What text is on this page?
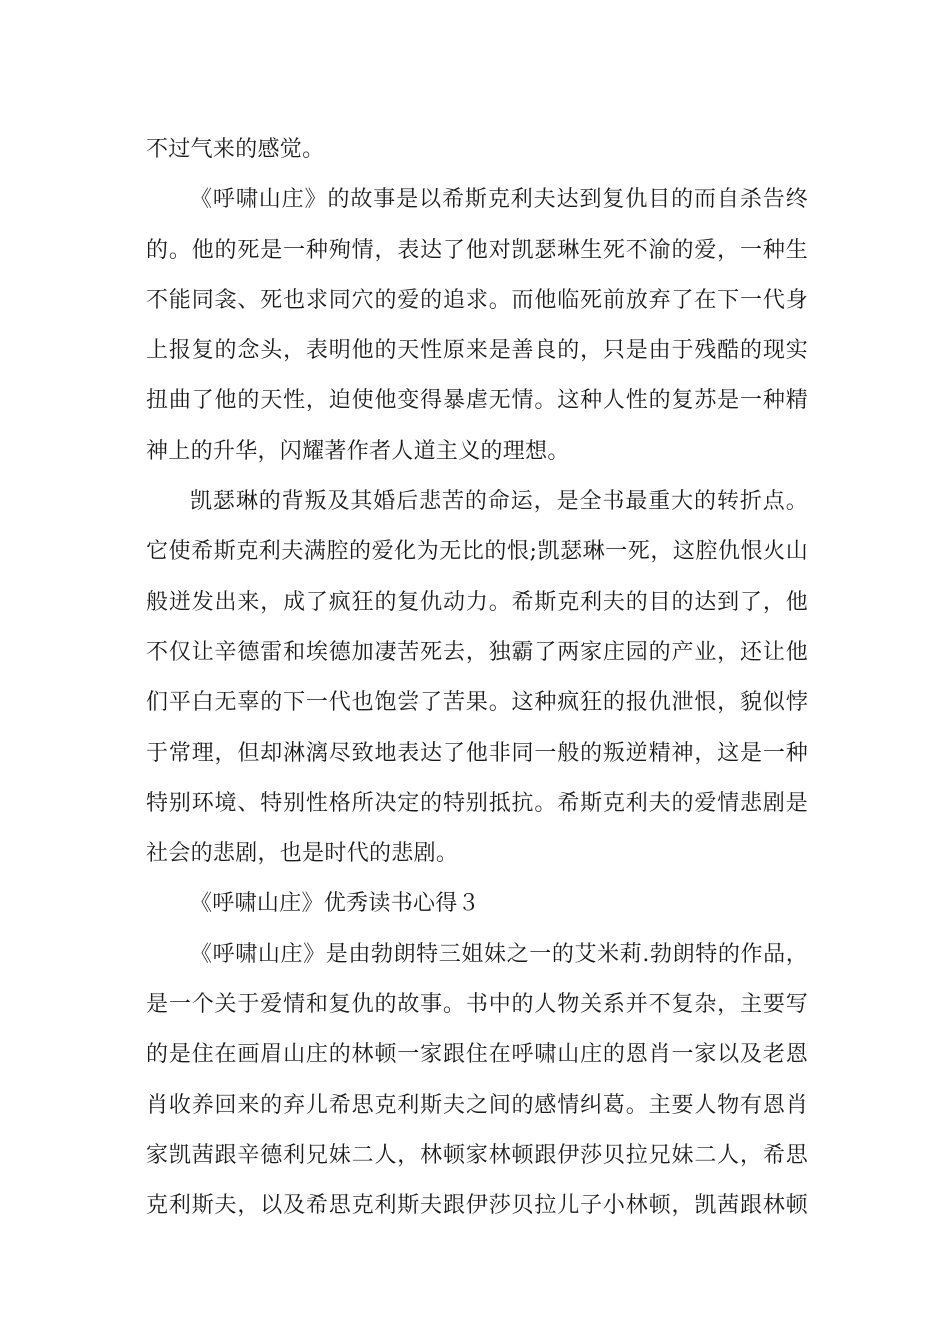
不过气来的感觉。
《呼啸山庄》的故事是以希斯克利夫达到复仇目的而自杀告终
的。他的死是一种殉情，表达了他对凯瑟琳生死不渝的爱，一种生
不能同衾、死也求同穴的爱的追求。而他临死前放弃了在下一代身
上报复的念头，表明他的天性原来是善良的，只是由于残酷的现实
扭曲了他的天性，迫使他变得暴虐无情。这种人性的复苏是一种精
神上的升华，闪耀著作者人道主义的理想。
凯瑟琳的背叛及其婚后悲苦的命运，是全书最重大的转折点。
它使希斯克利夫满腔的爱化为无比的恨;凯瑟琳一死，这腔仇恨火山
般迸发出来，成了疯狂的复仇动力。希斯克利夫的目的达到了，他
不仅让辛德雷和埃德加凄苦死去，独霸了两家庄园的产业，还让他
们平白无辜的下一代也饱尝了苦果。这种疯狂的报仇泄恨，貌似悖
于常理，但却淋漓尽致地表达了他非同一般的叛逆精神，这是一种
特别环境、特别性格所决定的特别抵抗。希斯克利夫的爱情悲剧是
社会的悲剧，也是时代的悲剧。
《呼啸山庄》优秀读书心得３
《呼啸山庄》是由勃朗特三姐妹之一的艾米莉.勃朗特的作品，
是一个关于爱情和复仇的故事。书中的人物关系并不复杂，主要写
的是住在画眉山庄的林顿一家跟住在呼啸山庄的恩肖一家以及老恩
肖收养回来的弃儿希思克利斯夫之间的感情纠葛。主要人物有恩肖
家凯茜跟辛德利兄妹二人，林顿家林顿跟伊莎贝拉兄妹二人，希思
克利斯夫，以及希思克利斯夫跟伊莎贝拉儿子小林顿，凯茜跟林顿
